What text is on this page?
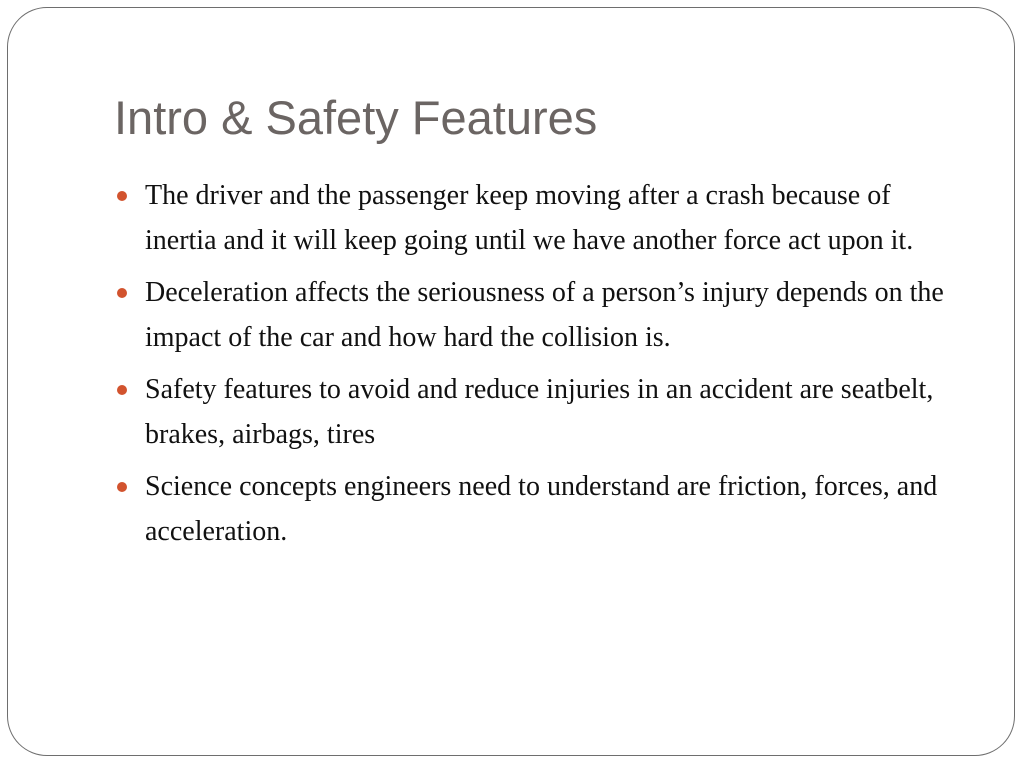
Intro & Safety Features
The driver and the passenger keep moving after a crash because of inertia and it will keep going until we have another force act upon it.
Deceleration affects the seriousness of a person’s injury depends on the impact of the car and how hard the collision is.
Safety features to avoid and reduce injuries in an accident are seatbelt, brakes, airbags, tires
Science concepts engineers need to understand are friction, forces, and acceleration.
